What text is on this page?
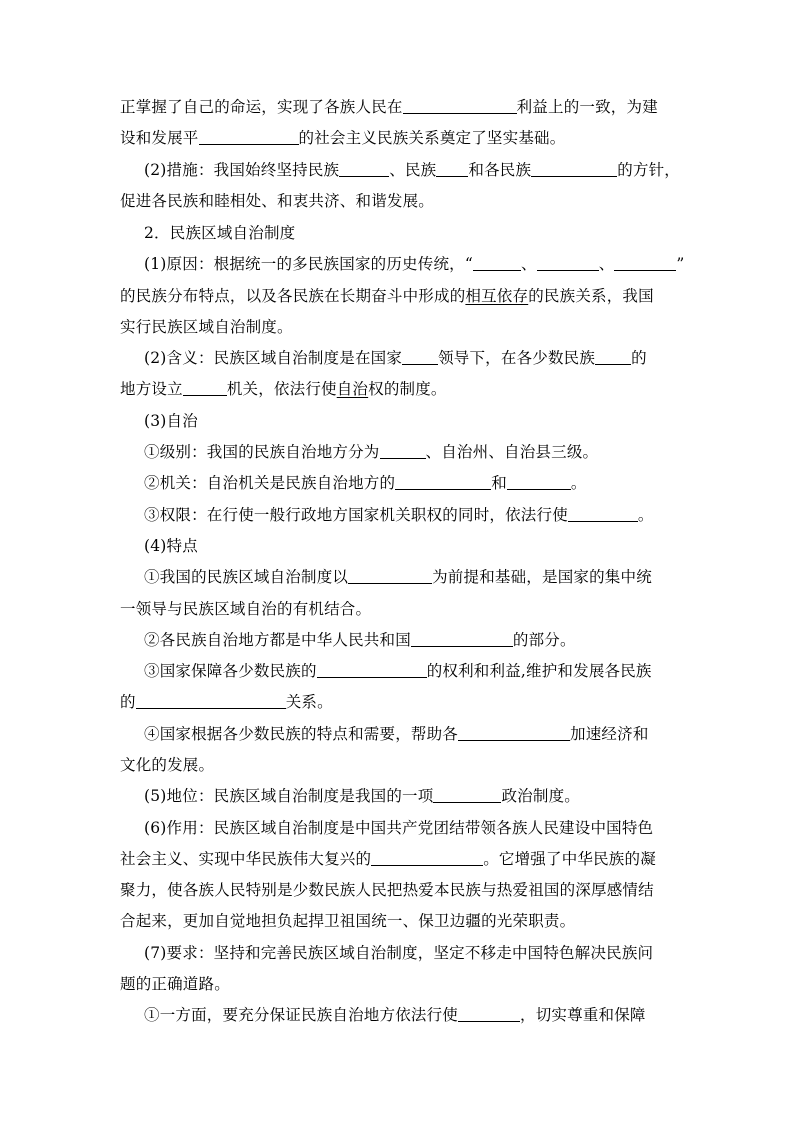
正掌握了自己的命运，实现了各族人民在	利益上的一致，为建
设和发展平	的社会主义民族关系奠定了坚实基础。
(2)措施：我国始终坚持民族	、民族 和各民族	的方针，
促进各民族和睦相处、和衷共济、和谐发展。
2．民族区域自治制度
(1)原因：根据统一的多民族国家的历史传统，“	、	、	”
的民族分布特点，以及各民族在长期奋斗中形成的相互依存的民族关系，我国
实行民族区域自治制度。
(2)含义：民族区域自治制度是在国家 领导下，在各少数民族 的
地方设立	机关，依法行使自治权的制度。
(3)自治
①级别：我国的民族自治地方分为	、自治州、自治县三级。
②机关：自治机关是民族自治地方的	和	。
③权限：在行使一般行政地方国家机关职权的同时，依法行使	。
(4)特点
①我国的民族区域自治制度以	为前提和基础，是国家的集中统
一领导与民族区域自治的有机结合。
②各民族自治地方都是中华人民共和国	的部分。
③国家保障各少数民族的	的权利和利益,维护和发展各民族
的	关系。
④国家根据各少数民族的特点和需要，帮助各	加速经济和
文化的发展。
(5)地位：民族区域自治制度是我国的一项	政治制度。
(6)作用：民族区域自治制度是中国共产党团结带领各族人民建设中国特色
社会主义、实现中华民族伟大复兴的	。它增强了中华民族的凝
聚力，使各族人民特别是少数民族人民把热爱本民族与热爱祖国的深厚感情结
合起来，更加自觉地担负起捍卫祖国统一、保卫边疆的光荣职责。
(7)要求：坚持和完善民族区域自治制度，坚定不移走中国特色解决民族问
题的正确道路。
①一方面，要充分保证民族自治地方依法行使	，切实尊重和保障
